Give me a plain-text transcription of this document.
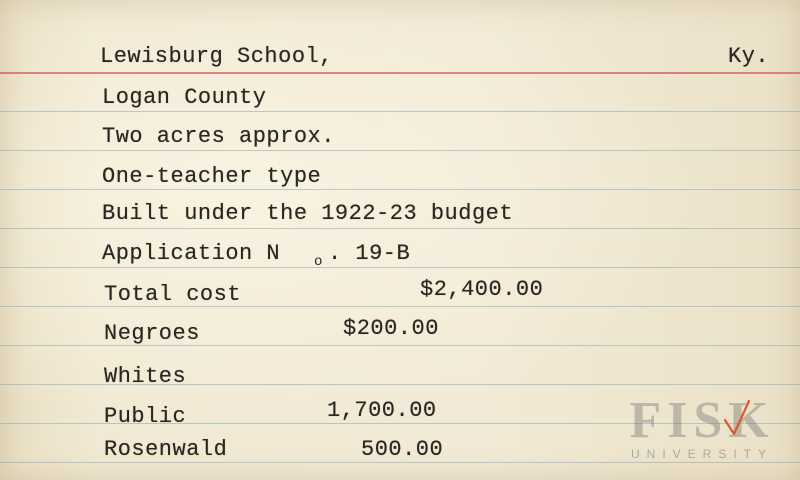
Lewisburg School,	Ky.
Logan County
Two acres approx.
One-teacher type
Built under the 1922-23 budget
Application N o . 19-B
Total cost	$2,400.00
Negroes	$200.00
Whites
Public	1,700.00
Rosenwald	500.00
FISK
UNIVERSITY
